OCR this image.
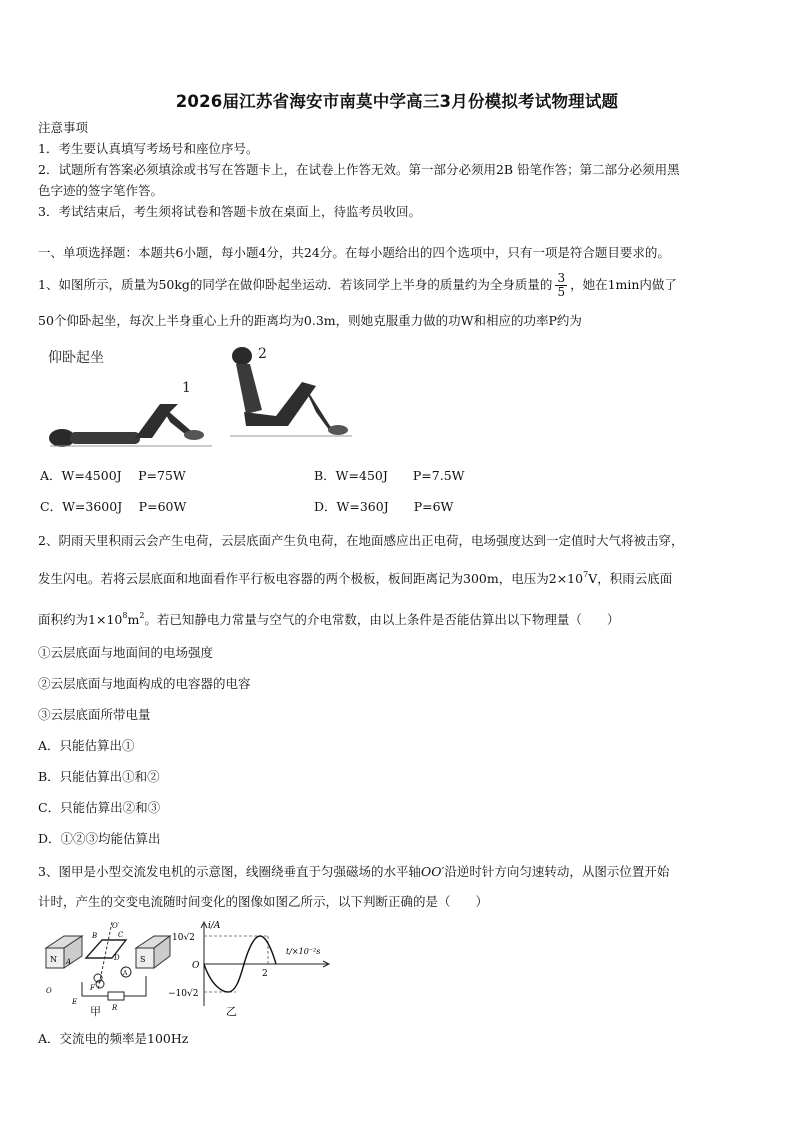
2026届江苏省海安市南莫中学高三3月份模拟考试物理试题
注意事项
1．考生要认真填写考场号和座位序号。
2．试题所有答案必须填涂或书写在答题卡上，在试卷上作答无效。第一部分必须用2B 铅笔作答；第二部分必须用黑
色字迹的签字笔作答。
3．考试结束后，考生须将试卷和答题卡放在桌面上，待监考员收回。
一、单项选择题：本题共6小题，每小题4分，共24分。在每小题给出的四个选项中，只有一项是符合题目要求的。
1、如图所示，质量为50kg的同学在做仰卧起坐运动．若该同学上半身的质量约为全身质量的 $\frac{3}{5}$ ，她在1min内做了
50个仰卧起坐，每次上半身重心上升的距离均为0.3m，则她克服重力做的功W和相应的功率P约为
仰卧起坐
1
2
A．W=4500J　 P=75W	B．W=450J　　P=7.5W
C．W=3600J　 P=60W	D．W=360J　　P=6W
2、阴雨天里积雨云会产生电荷，云层底面产生负电荷，在地面感应出正电荷，电场强度达到一定值时大气将被击穿，
发生闪电。若将云层底面和地面看作平行板电容器的两个极板，板间距离记为300m，电压为$2\times 10^7V$，积雨云底面
面积约为$1\times 10^8m^2$。若已知静电力常量与空气的介电常数，由以上条件是否能估算出以下物理量（　　）
①云层底面与地面间的电场强度
②云层底面与地面构成的电容器的电容
③云层底面所带电量
A．只能估算出①
B．只能估算出①和②
C．只能估算出②和③
D．①②③均能估算出
3、图甲是小型交流发电机的示意图，线圈绕垂直于匀强磁场的水平轴OO′沿逆时针方向匀速转动，从图示位置开始
计时，产生的交变电流随时间变化的图像如图乙所示，以下判断正确的是（　　）
N A
B	C
D	S
O′
O
E
F
R
A
甲
i/A
10√2
−10√2
O
2
t/×10⁻²s
乙
A．交流电的频率是100Hz
